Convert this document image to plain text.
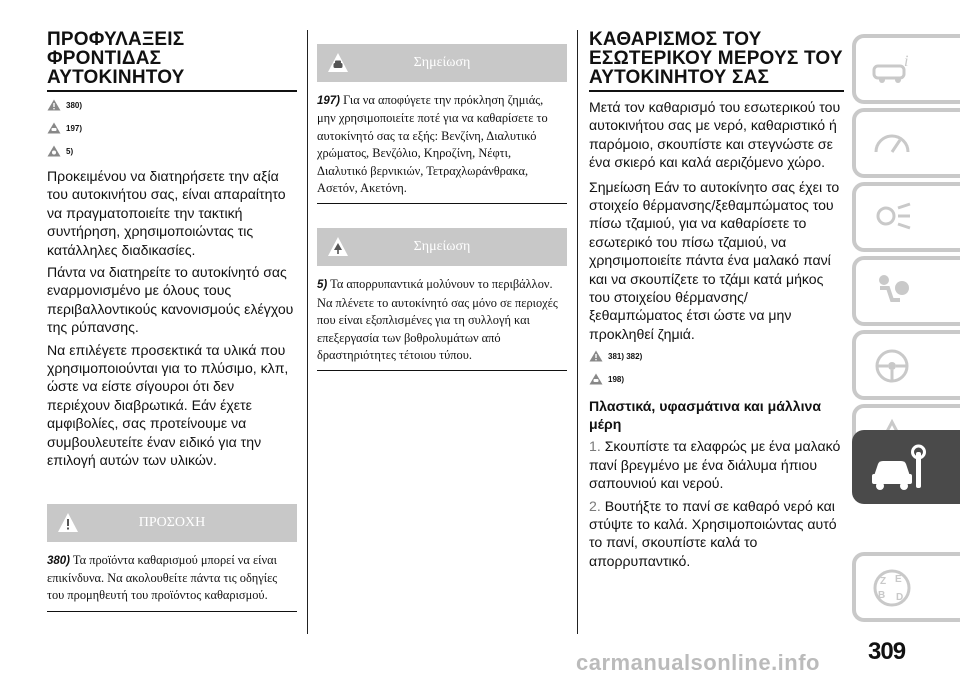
ΠΡΟΦΥΛΑΞΕΙΣ ΦΡΟΝΤΙΔΑΣ
ΑΥΤΟΚΙΝΗΤΟΥ
380)
197)
5)

Προκειμένου να διατηρήσετε την αξία του αυτοκινήτου σας, είναι απαραίτητο να πραγματοποιείτε την τακτική συντήρηση, χρησιμοποιώντας τις κατάλληλες διαδικασίες.

Πάντα να διατηρείτε το αυτοκίνητό σας εναρμονισμένο με όλους τους περιβαλλοντικούς κανονισμούς ελέγχου της ρύπανσης.

Να επιλέγετε προσεκτικά τα υλικά που χρησιμοποιούνται για το πλύσιμο, κλπ, ώστε να είστε σίγουροι ότι δεν περιέχουν διαβρωτικά. Εάν έχετε αμφιβολίες, σας προτείνουμε να συμβουλευτείτε έναν ειδικό για την επιλογή αυτών των υλικών.

ΠΡΟΣΟΧΗ
380) Τα προϊόντα καθαρισμού μπορεί να είναι επικίνδυνα. Να ακολουθείτε πάντα τις οδηγίες του προμηθευτή του προϊόντος καθαρισμού.
Σημείωση
197) Για να αποφύγετε την πρόκληση ζημιάς, μην χρησιμοποιείτε ποτέ για να καθαρίσετε το αυτοκίνητό σας τα εξής: Βενζίνη, Διαλυτικό χρώματος, Βενζόλιο, Κηροζίνη, Νέφτι, Διαλυτικό βερνικιών, Τετραχλωράνθρακα, Ασετόν, Ακετόνη.
Σημείωση
5) Τα απορρυπαντικά μολύνουν το περιβάλλον. Να πλένετε το αυτοκίνητό σας μόνο σε περιοχές που είναι εξοπλισμένες για τη συλλογή και επεξεργασία των βοθρολυμάτων από δραστηριότητες τέτοιου τύπου.
ΚΑΘΑΡΙΣΜΟΣ ΤΟΥ
ΕΣΩΤΕΡΙΚΟΥ ΜΕΡΟΥΣ ΤΟΥ
ΑΥΤΟΚΙΝΗΤΟΥ ΣΑΣ

Μετά τον καθαρισμό του εσωτερικού του αυτοκινήτου σας με νερό, καθαριστικό ή παρόμοιο, σκουπίστε και στεγνώστε σε ένα σκιερό και καλά αεριζόμενο χώρο.

Σημείωση Εάν το αυτοκίνητο σας έχει το στοιχείο θέρμανσης/ξεθαμπώματος του πίσω τζαμιού, για να καθαρίσετε το εσωτερικό του πίσω τζαμιού, να χρησιμοποιείτε πάντα ένα μαλακό πανί και να σκουπίζετε το τζάμι κατά μήκος του στοιχείου θέρμανσης/ ξεθαμπώματος έτσι ώστε να μην προκληθεί ζημιά.

381) 382)
198)
Πλαστικά, υφασμάτινα και μάλλινα
μέρη

1. Σκουπίστε τα ελαφρώς με ένα μαλακό πανί βρεγμένο με ένα διάλυμα ήπιου σαπουνιού και νερού.

2. Βουτήξτε το πανί σε καθαρό νερό και στύψτε το καλά. Χρησιμοποιώντας αυτό το πανί, σκουπίστε καλά το απορρυπαντικό.

i
Z E
B D
309
carmanualsonline.info
